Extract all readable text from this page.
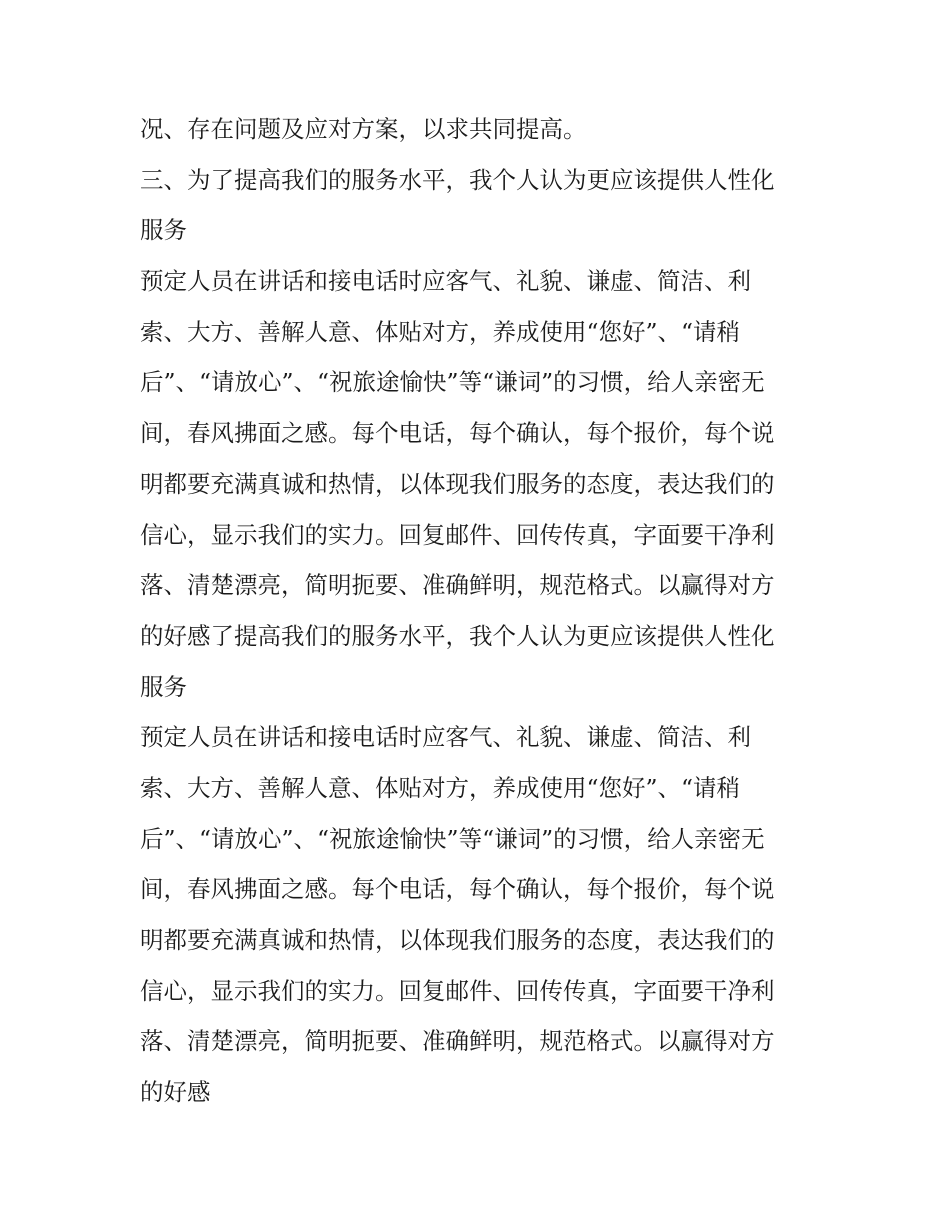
况、存在问题及应对方案，以求共同提高。
三、为了提高我们的服务水平，我个人认为更应该提供人性化
服务
预定人员在讲话和接电话时应客气、礼貌、谦虚、简洁、利
索、大方、善解人意、体贴对方，养成使用“您好”、“请稍
后”、“请放心”、“祝旅途愉快”等“谦词”的习惯，给人亲密无
间，春风拂面之感。每个电话，每个确认，每个报价，每个说
明都要充满真诚和热情，以体现我们服务的态度，表达我们的
信心，显示我们的实力。回复邮件、回传传真，字面要干净利
落、清楚漂亮，简明扼要、准确鲜明，规范格式。以赢得对方
的好感了提高我们的服务水平，我个人认为更应该提供人性化
服务
预定人员在讲话和接电话时应客气、礼貌、谦虚、简洁、利
索、大方、善解人意、体贴对方，养成使用“您好”、“请稍
后”、“请放心”、“祝旅途愉快”等“谦词”的习惯，给人亲密无
间，春风拂面之感。每个电话，每个确认，每个报价，每个说
明都要充满真诚和热情，以体现我们服务的态度，表达我们的
信心，显示我们的实力。回复邮件、回传传真，字面要干净利
落、清楚漂亮，简明扼要、准确鲜明，规范格式。以赢得对方
的好感
